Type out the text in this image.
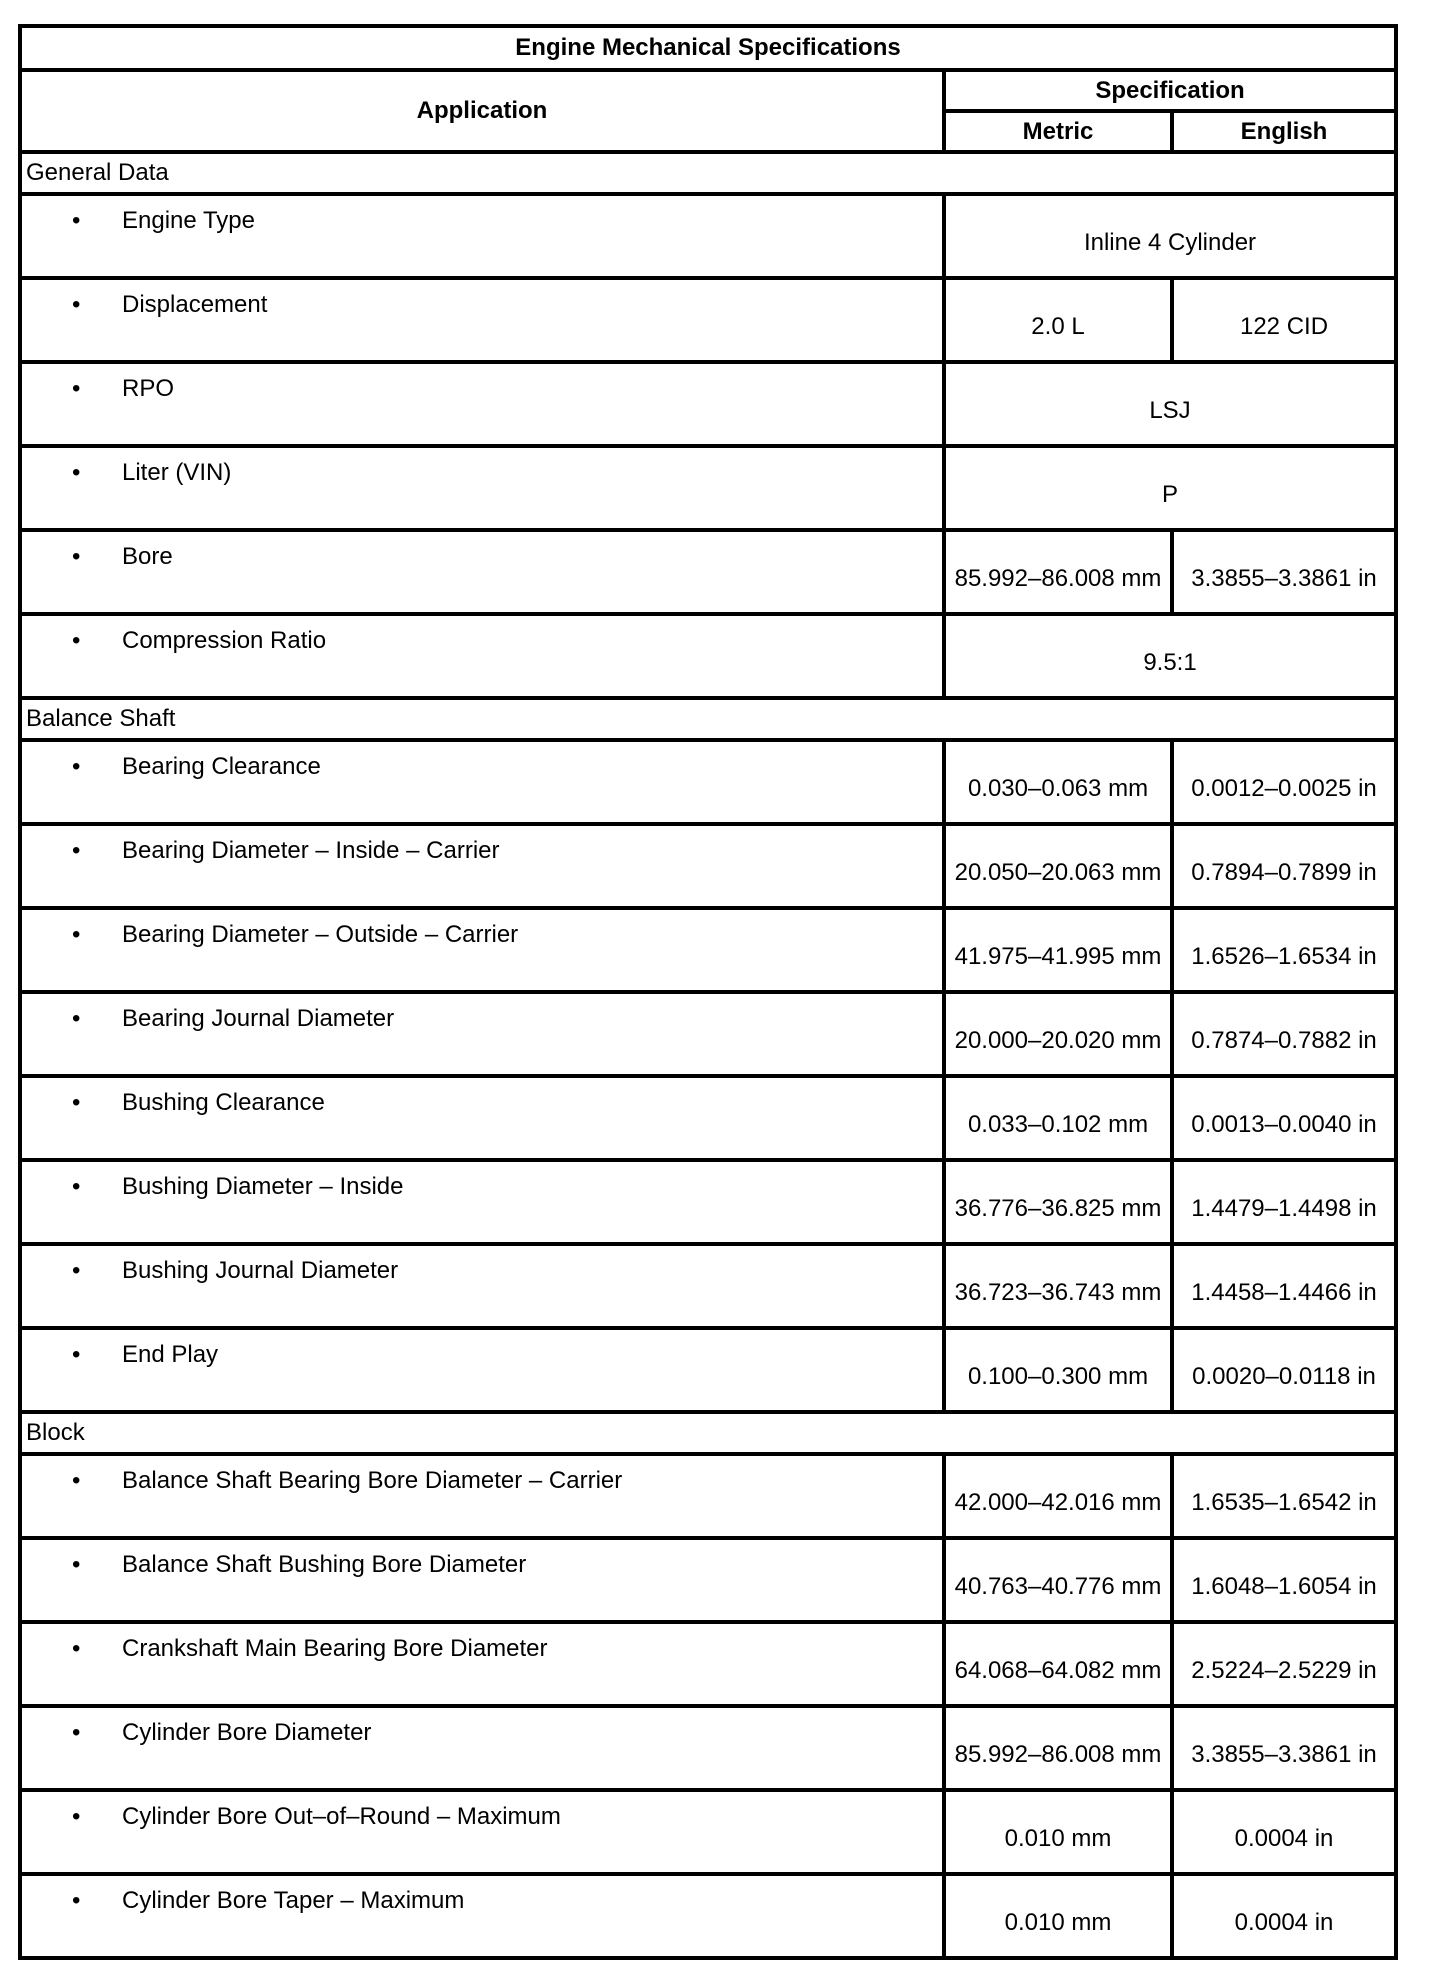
Engine Mechanical Specifications		
Application	Specification	
	Metric	English
General Data		

• Engine Type	Inline 4 Cylinder	

• Displacement	2.0 L	122 CID

• RPO	LSJ	

• Liter (VIN)	P	

• Bore	85.992–86.008 mm	3.3855–3.3861 in

• Compression Ratio	9.5:1	
Balance Shaft		

• Bearing Clearance	0.030–0.063 mm	0.0012–0.0025 in

• Bearing Diameter – Inside – Carrier	20.050–20.063 mm	0.7894–0.7899 in

• Bearing Diameter – Outside – Carrier	41.975–41.995 mm	1.6526–1.6534 in

• Bearing Journal Diameter	20.000–20.020 mm	0.7874–0.7882 in

• Bushing Clearance	0.033–0.102 mm	0.0013–0.0040 in

• Bushing Diameter – Inside	36.776–36.825 mm	1.4479–1.4498 in

• Bushing Journal Diameter	36.723–36.743 mm	1.4458–1.4466 in

• End Play	0.100–0.300 mm	0.0020–0.0118 in
Block		

• Balance Shaft Bearing Bore Diameter – Carrier	42.000–42.016 mm	1.6535–1.6542 in

• Balance Shaft Bushing Bore Diameter	40.763–40.776 mm	1.6048–1.6054 in

• Crankshaft Main Bearing Bore Diameter	64.068–64.082 mm	2.5224–2.5229 in

• Cylinder Bore Diameter	85.992–86.008 mm	3.3855–3.3861 in

• Cylinder Bore Out–of–Round – Maximum	0.010 mm	0.0004 in

• Cylinder Bore Taper – Maximum	0.010 mm	0.0004 in
